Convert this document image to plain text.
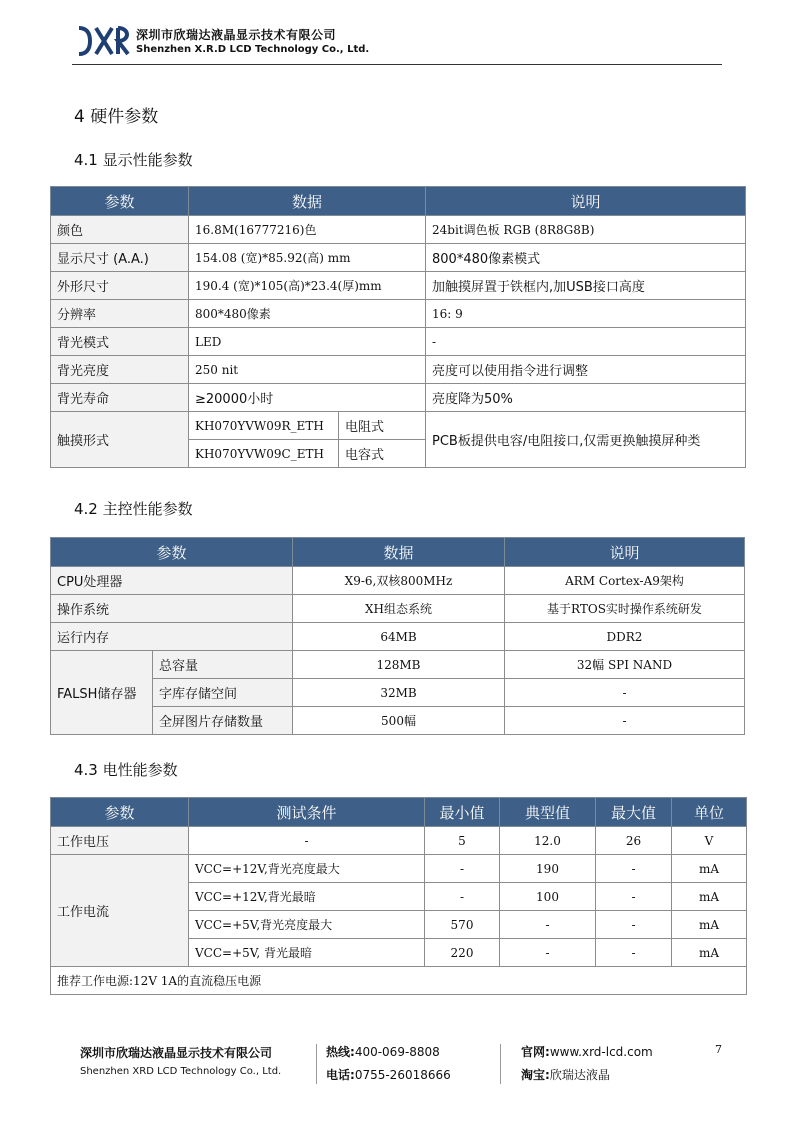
深圳市欣瑞达液晶显示技术有限公司
Shenzhen X.R.D LCD Technology Co., Ltd.
4 硬件参数
4.1 显示性能参数
参数	数据		说明
颜色	16.8M(16777216)色		24bit调色板 RGB (8R8G8B)
显示尺寸 (A.A.)	154.08 (宽)*85.92(高) mm		800*480像素模式
外形尺寸	190.4 (宽)*105(高)*23.4(厚)mm		加触摸屏置于铁框内,加USB接口高度
分辨率	800*480像素		16: 9
背光模式	LED		-
背光亮度	250 nit		亮度可以使用指令进行调整
背光寿命	≥20000小时		亮度降为50%
触摸形式	KH070YVW09R_ETH	电阻式	PCB板提供电容/电阻接口,仅需更换触摸屏种类
	KH070YVW09C_ETH	电容式	
4.2 主控性能参数
参数		数据	说明
CPU处理器		X9-6,双核800MHz	ARM Cortex-A9架构
操作系统		XH组态系统	基于RTOS实时操作系统研发
运行内存		64MB	DDR2
FALSH储存器	总容量	128MB	32幅 SPI NAND
	字库存储空间	32MB	-
	全屏图片存储数量	500幅	-
4.3 电性能参数
参数	测试条件	最小值	典型值	最大值	单位
工作电压	-	5	12.0	26	V
工作电流	VCC=+12V,背光亮度最大	-	190	-	mA
	VCC=+12V,背光最暗	-	100	-	mA
	VCC=+5V,背光亮度最大	570	-	-	mA
	VCC=+5V, 背光最暗	220	-	-	mA
推荐工作电源:12V 1A的直流稳压电源					
深圳市欣瑞达液晶显示技术有限公司
Shenzhen XRD LCD Technology Co., Ltd.
热线:400-069-8808
电话:0755-26018666
官网:www.xrd-lcd.com
淘宝:欣瑞达液晶
7
